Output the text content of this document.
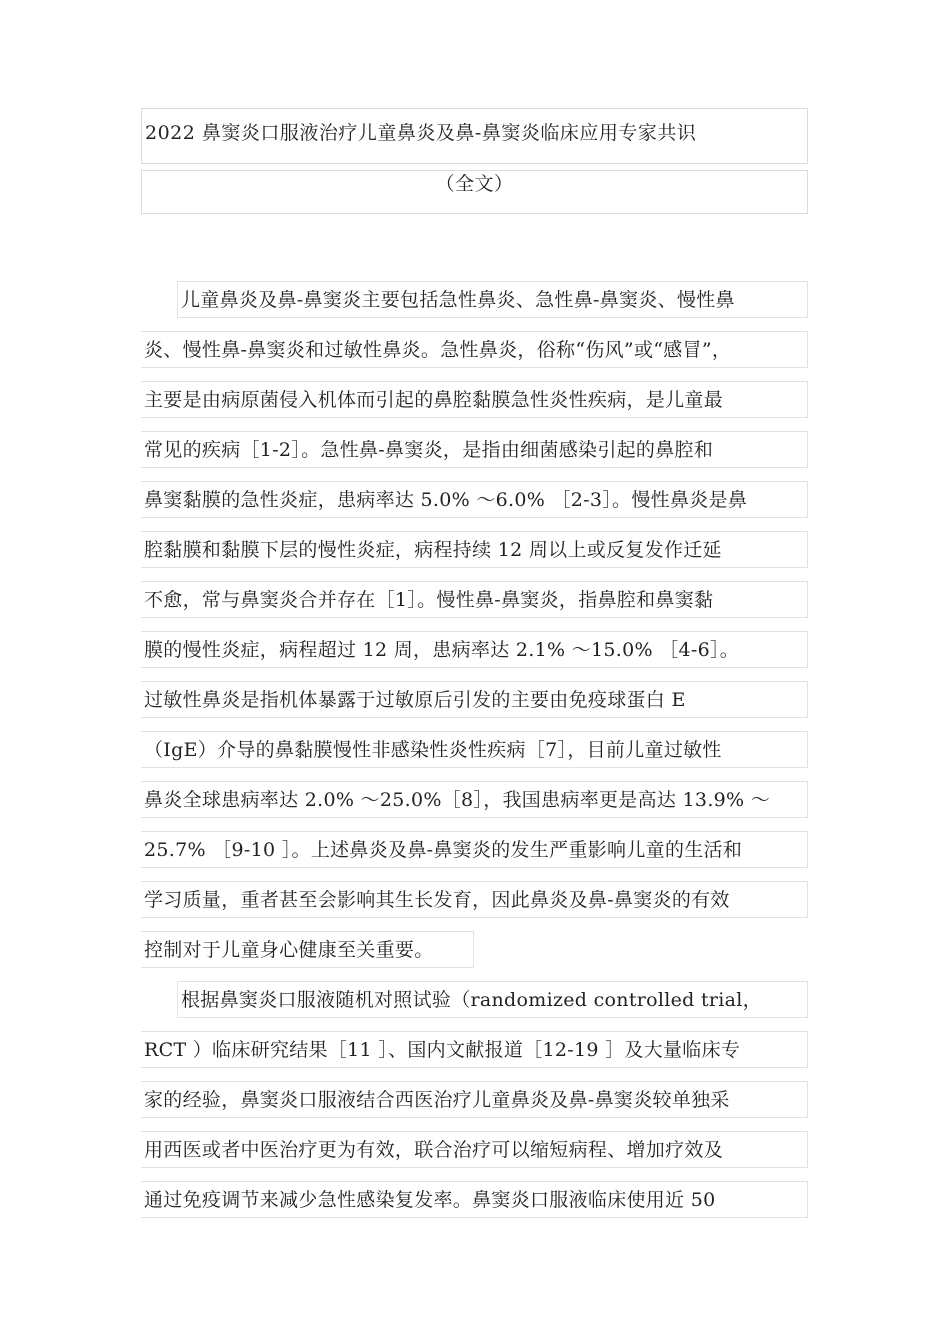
2022 鼻窦炎口服液治疗儿童鼻炎及鼻-鼻窦炎临床应用专家共识
（全文）
儿童鼻炎及鼻-鼻窦炎主要包括急性鼻炎、急性鼻-鼻窦炎、慢性鼻
炎、慢性鼻-鼻窦炎和过敏性鼻炎。急性鼻炎，俗称“伤风”或“感冒”，
主要是由病原菌侵入机体而引起的鼻腔黏膜急性炎性疾病，是儿童最
常见的疾病［1-2］。急性鼻-鼻窦炎，是指由细菌感染引起的鼻腔和
鼻窦黏膜的急性炎症，患病率达 5.0% ～6.0% ［2-3］。慢性鼻炎是鼻
腔黏膜和黏膜下层的慢性炎症，病程持续 12 周以上或反复发作迁延
不愈，常与鼻窦炎合并存在［1］。慢性鼻-鼻窦炎，指鼻腔和鼻窦黏
膜的慢性炎症，病程超过 12 周，患病率达 2.1% ～15.0% ［4-6］。
过敏性鼻炎是指机体暴露于过敏原后引发的主要由免疫球蛋白 E
（IgE）介导的鼻黏膜慢性非感染性炎性疾病［7］，目前儿童过敏性
鼻炎全球患病率达 2.0% ～25.0%［8］，我国患病率更是高达 13.9% ～
25.7% ［9-10 ］。上述鼻炎及鼻-鼻窦炎的发生严重影响儿童的生活和
学习质量，重者甚至会影响其生长发育，因此鼻炎及鼻-鼻窦炎的有效
控制对于儿童身心健康至关重要。
根据鼻窦炎口服液随机对照试验（randomized controlled trial，
RCT ）临床研究结果［11 ］、国内文献报道［12-19 ］及大量临床专
家的经验，鼻窦炎口服液结合西医治疗儿童鼻炎及鼻-鼻窦炎较单独采
用西医或者中医治疗更为有效，联合治疗可以缩短病程、增加疗效及
通过免疫调节来减少急性感染复发率。鼻窦炎口服液临床使用近 50
